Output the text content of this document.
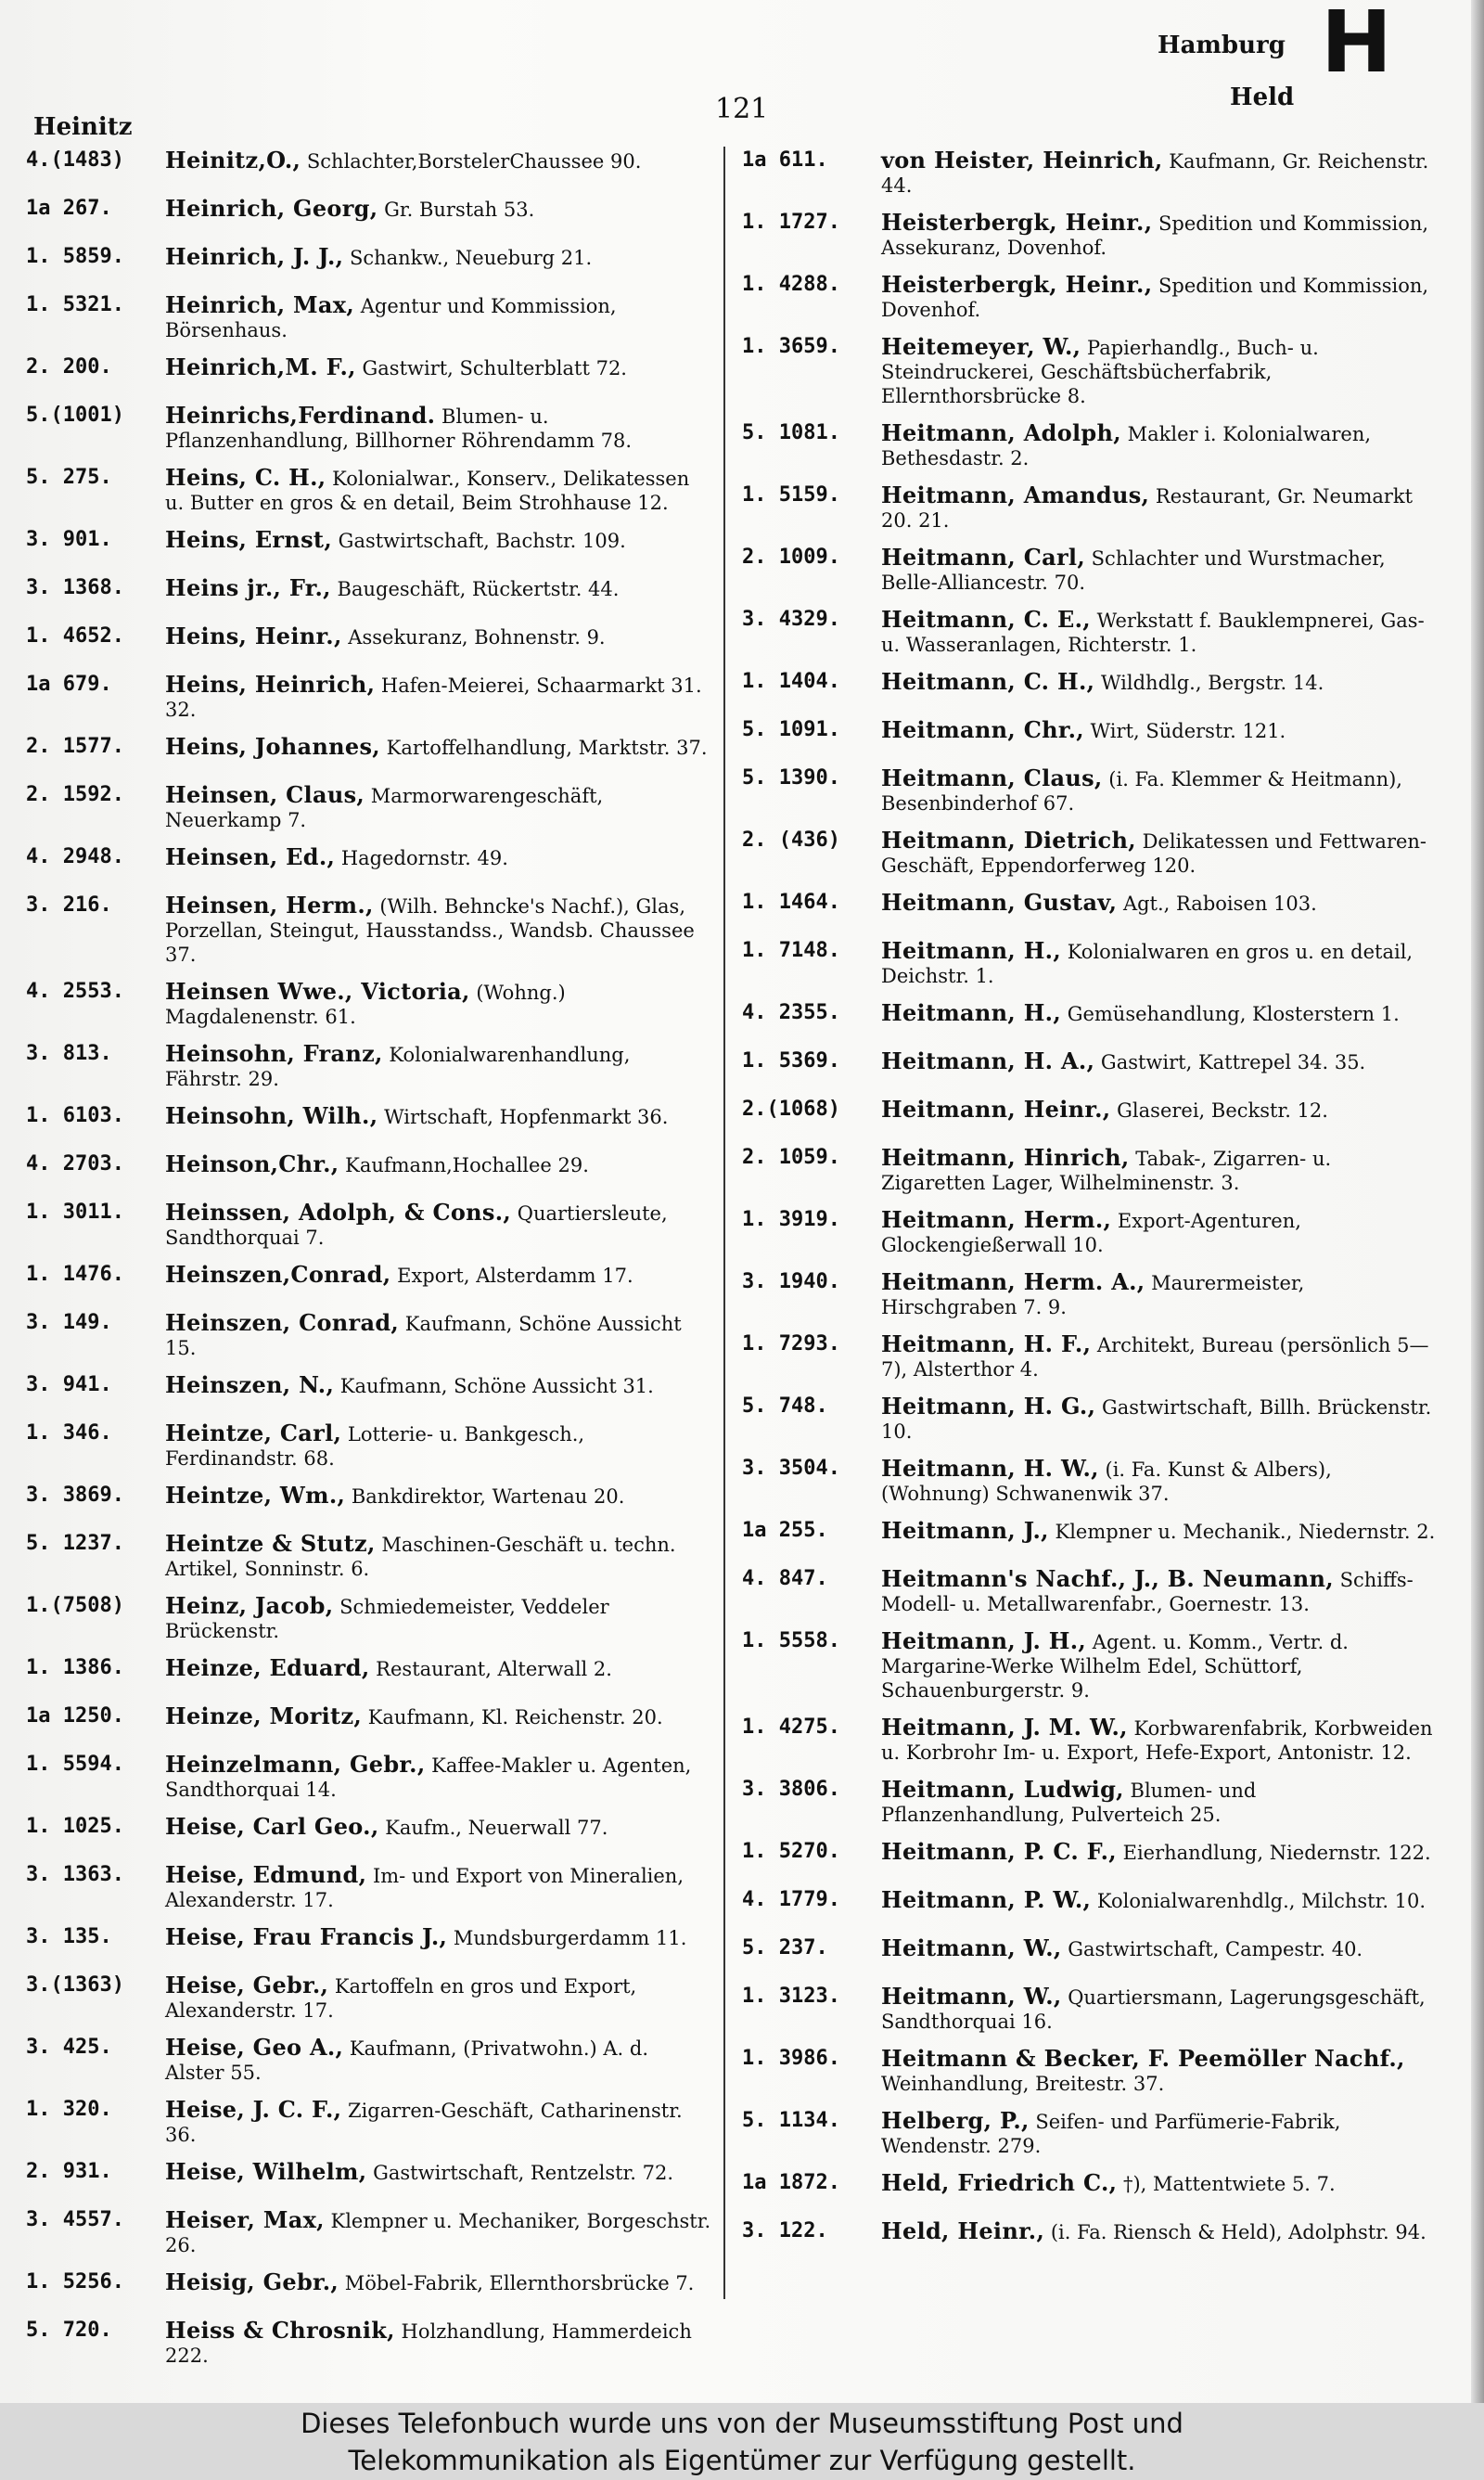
Heinitz
121
Hamburg
Held
H
4.(1483)	Heinitz,O., Schlachter,BorstelerChaussee 90.
1a 267.	Heinrich, Georg, Gr. Burstah 53.
1. 5859.	Heinrich, J. J., Schankw., Neueburg 21.
1. 5321.	Heinrich, Max, Agentur und Kommission, Börsenhaus.
2. 200.	Heinrich,M. F., Gastwirt, Schulterblatt 72.
5.(1001)	Heinrichs,Ferdinand. Blumen- u. Pflanzenhandlung, Billhorner Röhrendamm 78.
5. 275.	Heins, C. H., Kolonialwar., Konserv., Delikatessen u. Butter en gros & en detail, Beim Strohhause 12.
3. 901.	Heins, Ernst, Gastwirtschaft, Bachstr. 109.
3. 1368.	Heins jr., Fr., Baugeschäft, Rückertstr. 44.
1. 4652.	Heins, Heinr., Assekuranz, Bohnenstr. 9.
1a 679.	Heins, Heinrich, Hafen-Meierei, Schaarmarkt 31. 32.
2. 1577.	Heins, Johannes, Kartoffelhandlung, Marktstr. 37.
2. 1592.	Heinsen, Claus, Marmorwarengeschäft, Neuerkamp 7.
4. 2948.	Heinsen, Ed., Hagedornstr. 49.
3. 216.	Heinsen, Herm., (Wilh. Behncke's Nachf.), Glas, Porzellan, Steingut, Hausstandss., Wandsb. Chaussee 37.
4. 2553.	Heinsen Wwe., Victoria, (Wohng.) Magdalenenstr. 61.
3. 813.	Heinsohn, Franz, Kolonialwarenhandlung, Fährstr. 29.
1. 6103.	Heinsohn, Wilh., Wirtschaft, Hopfenmarkt 36.
4. 2703.	Heinson,Chr., Kaufmann,Hochallee 29.
1. 3011.	Heinssen, Adolph, & Cons., Quartiersleute, Sandthorquai 7.
1. 1476.	Heinszen,Conrad, Export, Alsterdamm 17.
3. 149.	Heinszen, Conrad, Kaufmann, Schöne Aussicht 15.
3. 941.	Heinszen, N., Kaufmann, Schöne Aussicht 31.
1. 346.	Heintze, Carl, Lotterie- u. Bankgesch., Ferdinandstr. 68.
3. 3869.	Heintze, Wm., Bankdirektor, Wartenau 20.
5. 1237.	Heintze & Stutz, Maschinen-Geschäft u. techn. Artikel, Sonninstr. 6.
1.(7508)	Heinz, Jacob, Schmiedemeister, Veddeler Brückenstr.
1. 1386.	Heinze, Eduard, Restaurant, Alterwall 2.
1a 1250.	Heinze, Moritz, Kaufmann, Kl. Reichenstr. 20.
1. 5594.	Heinzelmann, Gebr., Kaffee-Makler u. Agenten, Sandthorquai 14.
1. 1025.	Heise, Carl Geo., Kaufm., Neuerwall 77.
3. 1363.	Heise, Edmund, Im- und Export von Mineralien, Alexanderstr. 17.
3. 135.	Heise, Frau Francis J., Mundsburgerdamm 11.
3.(1363)	Heise, Gebr., Kartoffeln en gros und Export, Alexanderstr. 17.
3. 425.	Heise, Geo A., Kaufmann, (Privatwohn.) A. d. Alster 55.
1. 320.	Heise, J. C. F., Zigarren-Geschäft, Catharinenstr. 36.
2. 931.	Heise, Wilhelm, Gastwirtschaft, Rentzelstr. 72.
3. 4557.	Heiser, Max, Klempner u. Mechaniker, Borgeschstr. 26.
1. 5256.	Heisig, Gebr., Möbel-Fabrik, Ellernthorsbrücke 7.
5. 720.	Heiss & Chrosnik, Holzhandlung, Hammerdeich 222.
1a 611.	von Heister, Heinrich, Kaufmann, Gr. Reichenstr. 44.
1. 1727.	Heisterbergk, Heinr., Spedition und Kommission, Assekuranz, Dovenhof.
1. 4288.	Heisterbergk, Heinr., Spedition und Kommission, Dovenhof.
1. 3659.	Heitemeyer, W., Papierhandlg., Buch- u. Steindruckerei, Geschäftsbücherfabrik, Ellernthorsbrücke 8.
5. 1081.	Heitmann, Adolph, Makler i. Kolonialwaren, Bethesdastr. 2.
1. 5159.	Heitmann, Amandus, Restaurant, Gr. Neumarkt 20. 21.
2. 1009.	Heitmann, Carl, Schlachter und Wurstmacher, Belle-Alliancestr. 70.
3. 4329.	Heitmann, C. E., Werkstatt f. Bauklempnerei, Gas- u. Wasseranlagen, Richterstr. 1.
1. 1404.	Heitmann, C. H., Wildhdlg., Bergstr. 14.
5. 1091.	Heitmann, Chr., Wirt, Süderstr. 121.
5. 1390.	Heitmann, Claus, (i. Fa. Klemmer & Heitmann), Besenbinderhof 67.
2. (436)	Heitmann, Dietrich, Delikatessen und Fettwaren-Geschäft, Eppendorferweg 120.
1. 1464.	Heitmann, Gustav, Agt., Raboisen 103.
1. 7148.	Heitmann, H., Kolonialwaren en gros u. en detail, Deichstr. 1.
4. 2355.	Heitmann, H., Gemüsehandlung, Klosterstern 1.
1. 5369.	Heitmann, H. A., Gastwirt, Kattrepel 34. 35.
2.(1068)	Heitmann, Heinr., Glaserei, Beckstr. 12.
2. 1059.	Heitmann, Hinrich, Tabak-, Zigarren- u. Zigaretten Lager, Wilhelminenstr. 3.
1. 3919.	Heitmann, Herm., Export-Agenturen, Glockengießerwall 10.
3. 1940.	Heitmann, Herm. A., Maurermeister, Hirschgraben 7. 9.
1. 7293.	Heitmann, H. F., Architekt, Bureau (persönlich 5—7), Alsterthor 4.
5. 748.	Heitmann, H. G., Gastwirtschaft, Billh. Brückenstr. 10.
3. 3504.	Heitmann, H. W., (i. Fa. Kunst & Albers), (Wohnung) Schwanenwik 37.
1a 255.	Heitmann, J., Klempner u. Mechanik., Niedernstr. 2.
4. 847.	Heitmann's Nachf., J., B. Neumann, Schiffs-Modell- u. Metallwarenfabr., Goernestr. 13.
1. 5558.	Heitmann, J. H., Agent. u. Komm., Vertr. d. Margarine-Werke Wilhelm Edel, Schüttorf, Schauenburgerstr. 9.
1. 4275.	Heitmann, J. M. W., Korbwarenfabrik, Korbweiden u. Korbrohr Im- u. Export, Hefe-Export, Antonistr. 12.
3. 3806.	Heitmann, Ludwig, Blumen- und Pflanzenhandlung, Pulverteich 25.
1. 5270.	Heitmann, P. C. F., Eierhandlung, Niedernstr. 122.
4. 1779.	Heitmann, P. W., Kolonialwarenhdlg., Milchstr. 10.
5. 237.	Heitmann, W., Gastwirtschaft, Campestr. 40.
1. 3123.	Heitmann, W., Quartiersmann, Lagerungsgeschäft, Sandthorquai 16.
1. 3986.	Heitmann & Becker, F. Peemöller Nachf., Weinhandlung, Breitestr. 37.
5. 1134.	Helberg, P., Seifen- und Parfümerie-Fabrik, Wendenstr. 279.
1a 1872.	Held, Friedrich C., †), Mattentwiete 5. 7.
3. 122.	Held, Heinr., (i. Fa. Riensch & Held), Adolphstr. 94.
Dieses Telefonbuch wurde uns von der Museumsstiftung Post und
Telekommunikation als Eigentümer zur Verfügung gestellt.
